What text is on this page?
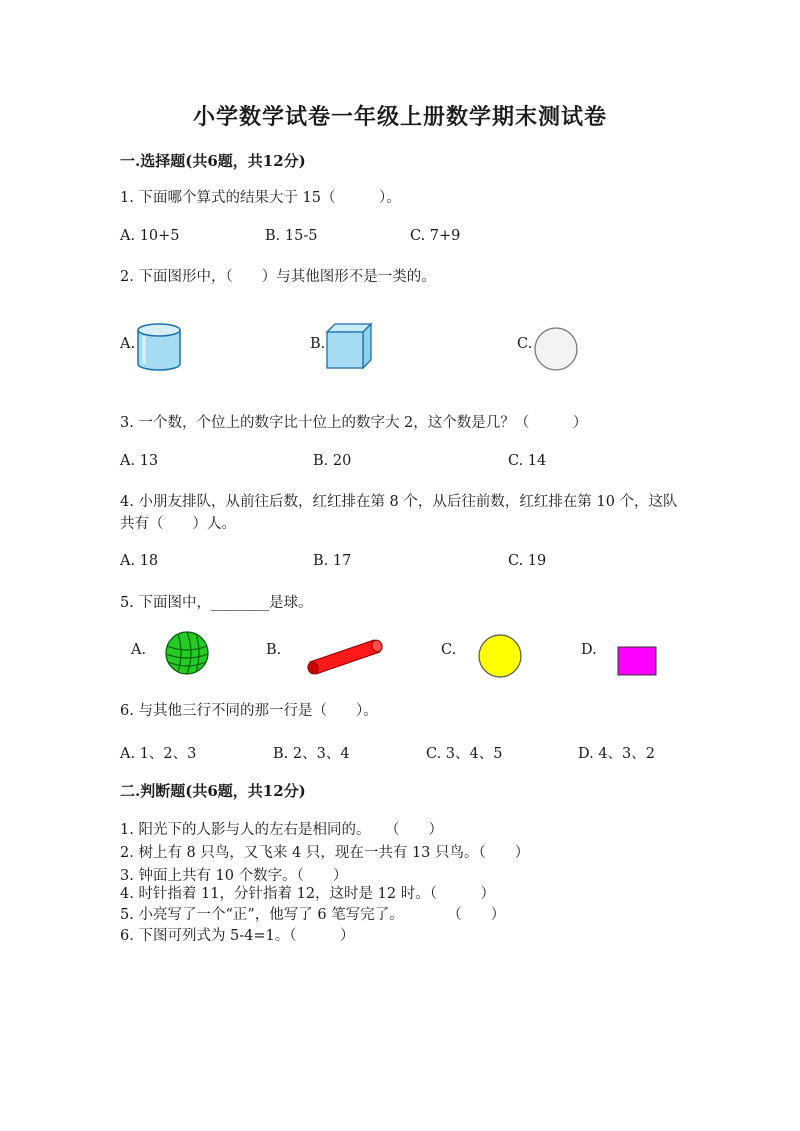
小学数学试卷一年级上册数学期末测试卷
一.选择题(共6题，共12分)
1. 下面哪个算式的结果大于 15（　　　）。
A. 10+5	B. 15-5	C. 7+9
2. 下面图形中，（　　）与其他图形不是一类的。
A.	B.	C.
3. 一个数，个位上的数字比十位上的数字大 2，这个数是几？（　　　）
A. 13	B. 20	C. 14
4. 小朋友排队，从前往后数，红红排在第 8 个，从后往前数，红红排在第 10 个，这队共有（　　）人。
A. 18	B. 17	C. 19
5. 下面图中，________是球。
A.	B.	C.	D.
6. 与其他三行不同的那一行是（　　）。
A. 1、2、3	B. 2、3、4	C. 3、4、5	D. 4、3、2
二.判断题(共6题，共12分)
1. 阳光下的人影与人的左右是相同的。　　（　　）
2. 树上有 8 只鸟，又飞来 4 只，现在一共有 13 只鸟。（　　）
3. 钟面上共有 10 个数字。（　　）
4. 时针指着 11，分针指着 12，这时是 12 时。（　　　）
5. 小亮写了一个“正”，他写了 6 笔写完了。　　　　（　　）
6. 下图可列式为 5-4=1。（　　　）
